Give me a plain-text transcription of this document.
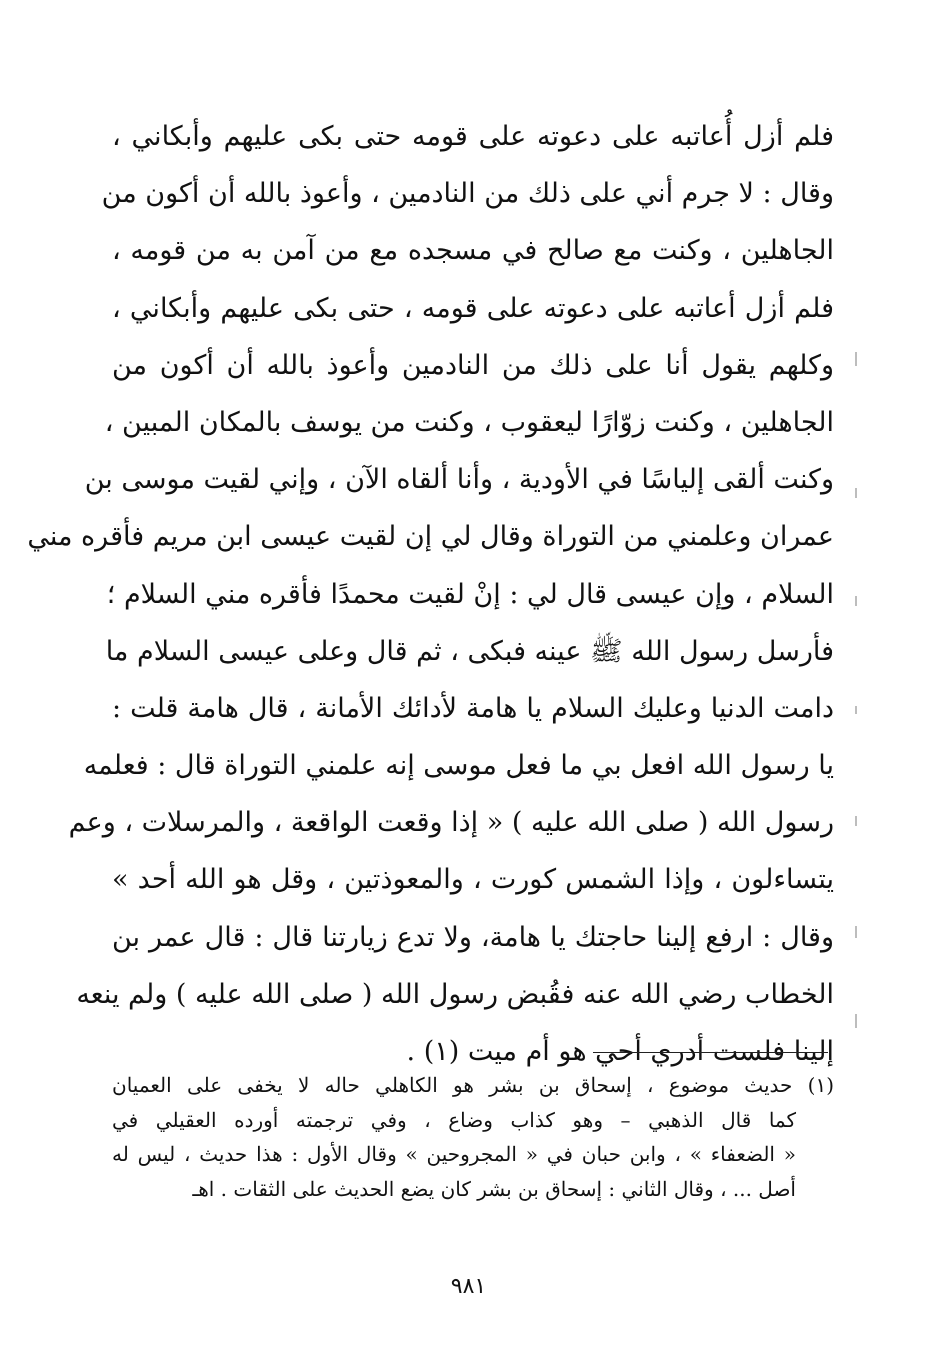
فلم أزل أُعاتبه على دعوته على قومه حتى بكى عليهم وأبكاني ،
وقال : لا جرم أني على ذلك من النادمين ، وأعوذ بالله أن أكون من
الجاهلين ، وكنت مع صالح في مسجده مع من آمن به من قومه ،
فلم أزل أعاتبه على دعوته على قومه ، حتى بكى عليهم وأبكاني ،
وكلهم يقول أنا على ذلك من النادمين وأعوذ بالله أن أكون من
الجاهلين ، وكنت زوّارًا ليعقوب ، وكنت من يوسف بالمكان المبين ،
وكنت ألقى إلياسًا في الأودية ، وأنا ألقاه الآن ، وإني لقيت موسى بن
عمران وعلمني من التوراة وقال لي إن لقيت عيسى ابن مريم فأقره مني
السلام ، وإن عيسى قال لي : إنْ لقيت محمدًا فأقره مني السلام ؛
فأرسل رسول الله ﷺ عينه فبكى ، ثم قال وعلى عيسى السلام ما
دامت الدنيا وعليك السلام يا هامة لأدائك الأمانة ، قال هامة قلت :
يا رسول الله افعل بي ما فعل موسى إنه علمني التوراة قال : فعلمه
رسول الله ( صلى الله عليه ) « إذا وقعت الواقعة ، والمرسلات ، وعم
يتساءلون ، وإذا الشمس كورت ، والمعوذتين ، وقل هو الله أحد »
وقال : ارفع إلينا حاجتك يا هامة، ولا تدع زيارتنا قال : قال عمر بن
الخطاب رضي الله عنه فقُبض رسول الله ( صلى الله عليه ) ولم ينعه
إلينا فلست أدري أحي هو أم ميت (١) .
(١) حديث موضوع ، إسحاق بن بشر هو الكاهلي حاله لا يخفى على العميان
كما قال الذهبي – وهو كذاب وضاع ، وفي ترجمته أورده العقيلي في
« الضعفاء » ، وابن حبان في « المجروحين » وقال الأول : هذا حديث ، ليس له
أصل ... ، وقال الثاني : إسحاق بن بشر كان يضع الحديث على الثقات . اهـ
٩٨١
